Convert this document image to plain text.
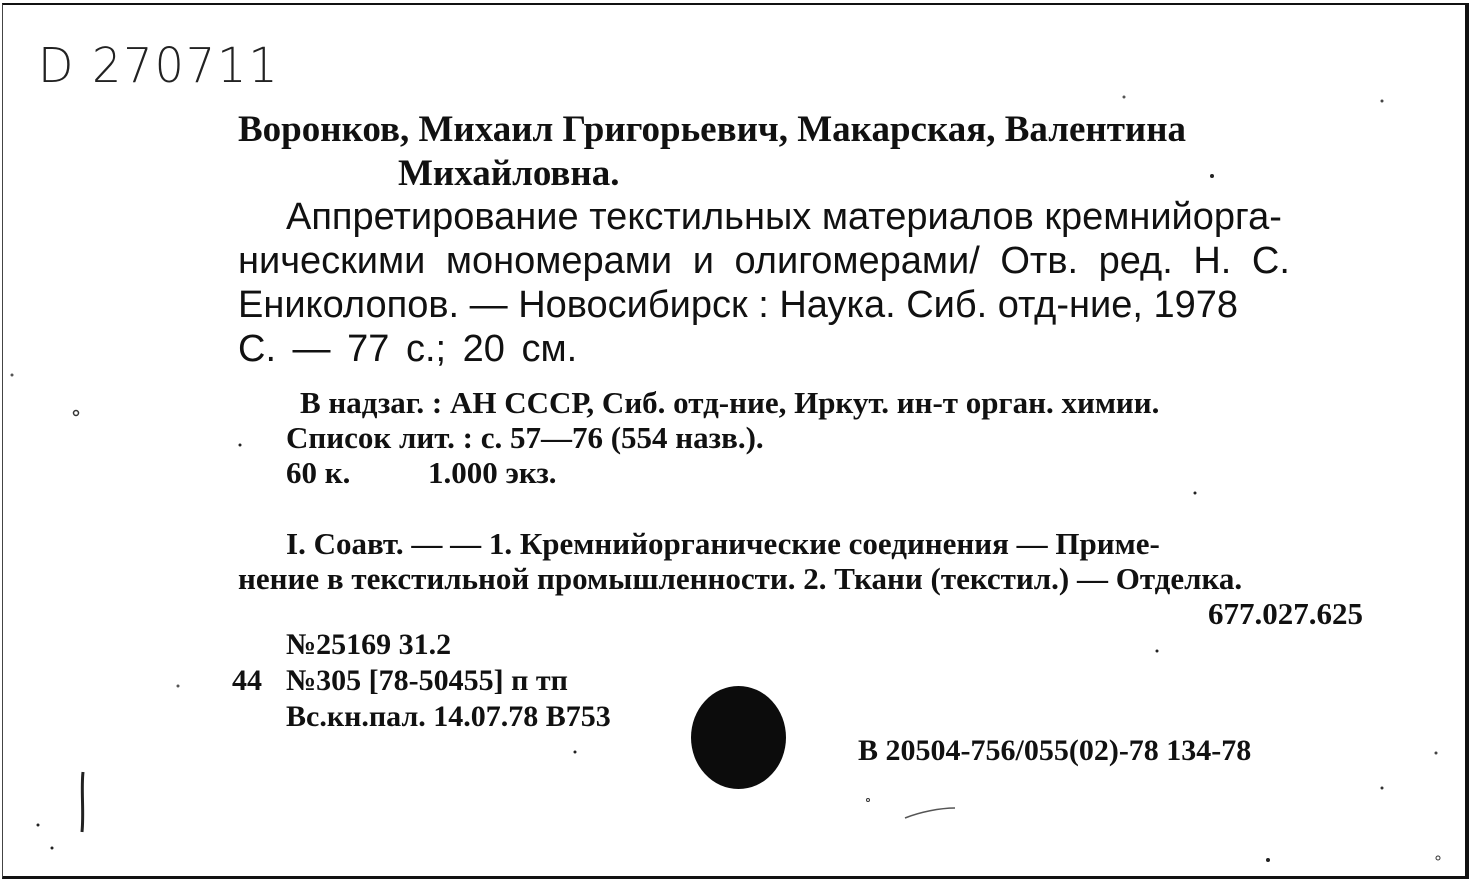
D 270711
Воронков, Михаил Григорьевич, Макарская, Валентина
Михайловна.
Аппретирование текстильных материалов кремнийорга-
ническими мономерами и олигомерами/ Отв. ред. Н. С.
Ениколопов. — Новосибирск : Наука. Сиб. отд-ние, 1978
С. — 77 с.; 20 см.
В надзаг. : АН СССР, Сиб. отд-ние, Иркут. ин-т орган. химии.
Список лит. : с. 57—76 (554 назв.).
60 к.	1.000 экз.
I. Соавт. — — 1. Кремнийорганические соединения — Приме-
нение в текстильной промышленности. 2. Ткани (текстил.) — Отделка.
677.027.625
№25169 31.2
44 №305 [78-50455] п тп
Вс.кн.пал. 14.07.78 В753
В 20504-756/055(02)-78 134-78
